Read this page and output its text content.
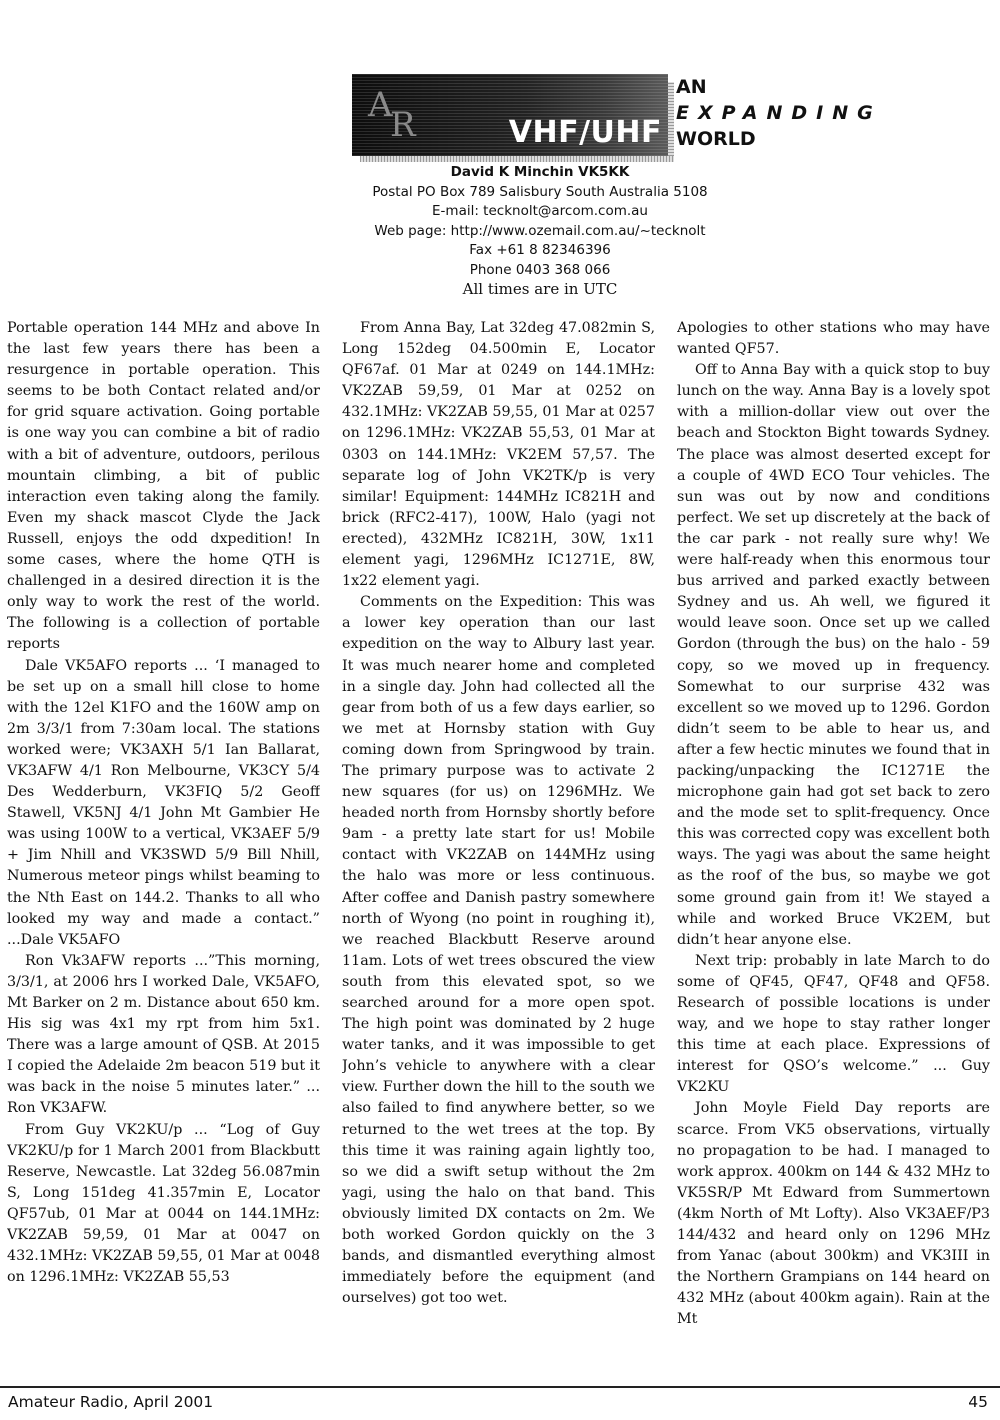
A
R	VHF/UHF
AN
EXPANDING
WORLD
David K Minchin VK5KK
Postal PO Box 789 Salisbury South Australia 5108
E-mail: tecknolt@arcom.com.au
Web page: http://www.ozemail.com.au/~tecknolt
Fax +61 8 82346396
Phone 0403 368 066
All times are in UTC

Portable operation 144 MHz and above In the last few years there has been a resurgence in portable operation. This seems to be both Contact related and/or for grid square activation. Going portable is one way you can combine a bit of radio with a bit of adventure, outdoors, perilous mountain climbing, a bit of public interaction even taking along the family. Even my shack mascot Clyde the Jack Russell, enjoys the odd dxpedition! In some cases, where the home QTH is challenged in a desired direction it is the only way to work the rest of the world. The following is a collection of portable reports

Dale VK5AFO reports ... ‘I managed to be set up on a small hill close to home with the 12el K1FO and the 160W amp on 2m 3/3/1 from 7:30am local. The stations worked were; VK3AXH 5/1 Ian Ballarat, VK3AFW 4/1 Ron Melbourne, VK3CY 5/4 Des Wedderburn, VK3FIQ 5/2 Geoff Stawell, VK5NJ 4/1 John Mt Gambier He was using 100W to a vertical, VK3AEF 5/9 + Jim Nhill and VK3SWD 5/9 Bill Nhill, Numerous meteor pings whilst beaming to the Nth East on 144.2. Thanks to all who looked my way and made a contact.” ...Dale VK5AFO

Ron Vk3AFW reports ...”This morning, 3/3/1, at 2006 hrs I worked Dale, VK5AFO, Mt Barker on 2 m. Distance about 650 km. His sig was 4x1 my rpt from him 5x1. There was a large amount of QSB. At 2015 I copied the Adelaide 2m beacon 519 but it was back in the noise 5 minutes later.” ... Ron VK3AFW.

From Guy VK2KU/p ... “Log of Guy VK2KU/p for 1 March 2001 from Blackbutt Reserve, Newcastle. Lat 32deg 56.087min S, Long 151deg 41.357min E, Locator QF57ub, 01 Mar at 0044 on 144.1MHz: VK2ZAB 59,59, 01 Mar at 0047 on 432.1MHz: VK2ZAB 59,55, 01 Mar at 0048 on 1296.1MHz: VK2ZAB 55,53

From Anna Bay, Lat 32deg 47.082min S, Long 152deg 04.500min E, Locator QF67af. 01 Mar at 0249 on 144.1MHz: VK2ZAB 59,59, 01 Mar at 0252 on 432.1MHz: VK2ZAB 59,55, 01 Mar at 0257 on 1296.1MHz: VK2ZAB 55,53, 01 Mar at 0303 on 144.1MHz: VK2EM 57,57. The separate log of John VK2TK/p is very similar! Equipment: 144MHz IC821H and brick (RFC2-417), 100W, Halo (yagi not erected), 432MHz IC821H, 30W, 1x11 element yagi, 1296MHz IC1271E, 8W, 1x22 element yagi.

Comments on the Expedition: This was a lower key operation than our last expedition on the way to Albury last year. It was much nearer home and completed in a single day. John had collected all the gear from both of us a few days earlier, so we met at Hornsby station with Guy coming down from Springwood by train. The primary purpose was to activate 2 new squares (for us) on 1296MHz. We headed north from Hornsby shortly before 9am - a pretty late start for us! Mobile contact with VK2ZAB on 144MHz using the halo was more or less continuous. After coffee and Danish pastry somewhere north of Wyong (no point in roughing it), we reached Blackbutt Reserve around 11am. Lots of wet trees obscured the view south from this elevated spot, so we searched around for a more open spot. The high point was dominated by 2 huge water tanks, and it was impossible to get John’s vehicle to anywhere with a clear view. Further down the hill to the south we also failed to find anywhere better, so we returned to the wet trees at the top. By this time it was raining again lightly too, so we did a swift setup without the 2m yagi, using the halo on that band. This obviously limited DX contacts on 2m. We both worked Gordon quickly on the 3 bands, and dismantled everything almost immediately before the equipment (and ourselves) got too wet.

Apologies to other stations who may have wanted QF57.

Off to Anna Bay with a quick stop to buy lunch on the way. Anna Bay is a lovely spot with a million-dollar view out over the beach and Stockton Bight towards Sydney. The place was almost deserted except for a couple of 4WD ECO Tour vehicles. The sun was out by now and conditions perfect. We set up discretely at the back of the car park - not really sure why! We were half-ready when this enormous tour bus arrived and parked exactly between Sydney and us. Ah well, we figured it would leave soon. Once set up we called Gordon (through the bus) on the halo - 59 copy, so we moved up in frequency. Somewhat to our surprise 432 was excellent so we moved up to 1296. Gordon didn’t seem to be able to hear us, and after a few hectic minutes we found that in packing/unpacking the IC1271E the microphone gain had got set back to zero and the mode set to split-frequency. Once this was corrected copy was excellent both ways. The yagi was about the same height as the roof of the bus, so maybe we got some ground gain from it! We stayed a while and worked Bruce VK2EM, but didn’t hear anyone else.

Next trip: probably in late March to do some of QF45, QF47, QF48 and QF58. Research of possible locations is under way, and we hope to stay rather longer this time at each place. Expressions of interest for QSO’s welcome.” ... Guy VK2KU

John Moyle Field Day reports are scarce. From VK5 observations, virtually no propagation to be had. I managed to work approx. 400km on 144 & 432 MHz to VK5SR/P Mt Edward from Summertown (4km North of Mt Lofty). Also VK3AEF/P3 144/432 and heard only on 1296 MHz from Yanac (about 300km) and VK3III in the Northern Grampians on 144 heard on 432 MHz (about 400km again). Rain at the Mt

Amateur Radio, April 2001	45
